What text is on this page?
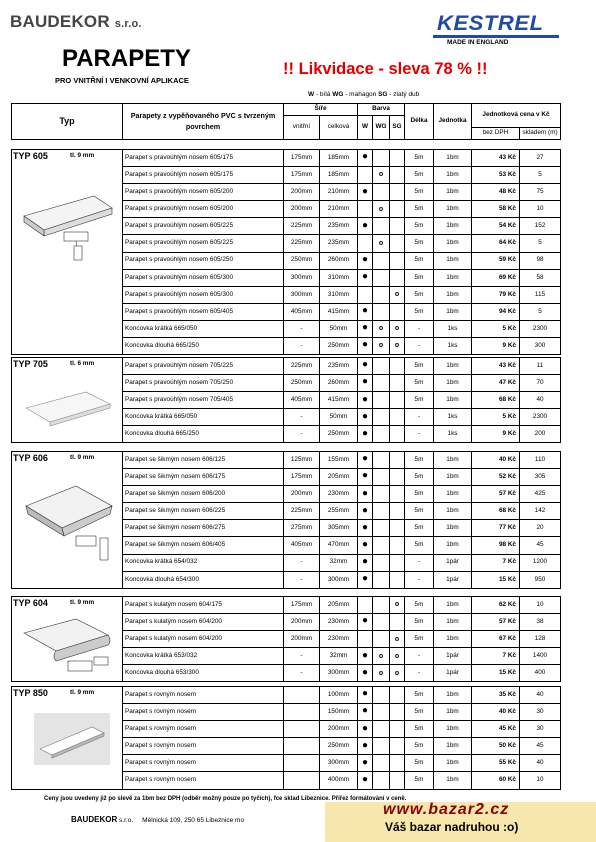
BAUDEKOR s.r.o.
PARAPETY
PRO VNITŘNÍ I VENKOVNÍ APLIKACE
!! Likvidace - sleva 78 % !!
KESTREL
MADE IN ENGLAND
W - bílá WG - mahagon SG - zlatý dub
Typ	Parapety z vypěňovaného PVC s tvrzeným povrchem	Šíře		Barva			Délka	Jednotka	Jednotková cena v Kč	
		vnitřní	celková	W	WG	SG				
									bez DPH	skladem (m)
TYP 605 tl. 9 mm	Parapet s pravoúhlým nosem 605/175	175mm	185mm	●			5m	1bm	43 Kč	27
	Parapet s pravoúhlým nosem 605/175	175mm	185mm		o		5m	1bm	53 Kč	5
	Parapet s pravoúhlým nosem 605/200	200mm	210mm	●			5m	1bm	48 Kč	75
	Parapet s pravoúhlým nosem 605/200	200mm	210mm		o		5m	1bm	58 Kč	10
	Parapet s pravoúhlým nosem 605/225	225mm	235mm	●			5m	1bm	54 Kč	152
	Parapet s pravoúhlým nosem 605/225	225mm	235mm		o		5m	1bm	64 Kč	5
	Parapet s pravoúhlým nosem 605/250	250mm	260mm	●			5m	1bm	59 Kč	98
	Parapet s pravoúhlým nosem 605/300	300mm	310mm	●			5m	1bm	69 Kč	58
	Parapet s pravoúhlým nosem 605/300	300mm	310mm			o	5m	1bm	79 Kč	115
	Parapet s pravoúhlým nosem 605/405	405mm	415mm	●			5m	1bm	94 Kč	5
	Koncovka krátká 665/050	-	50mm	●	o	o	-	1ks	5 Kč	2300
	Koncovka dlouhá 665/250	-	250mm	●	o	o	-	1ks	9 Kč	300
TYP 705 tl. 6 mm	Parapet s pravoúhlým nosem 705/225	225mm	235mm	●			5m	1bm	43 Kč	11
	Parapet s pravoúhlým nosem 705/250	250mm	260mm	●			5m	1bm	47 Kč	70
	Parapet s pravoúhlým nosem 705/405	405mm	415mm	●			5m	1bm	68 Kč	40
	Koncovka krátká 665/050	-	50mm	●			-	1ks	5 Kč	2300
	Koncovka dlouhá 665/250	-	250mm	●			-	1ks	9 Kč	200
TYP 606 tl. 9 mm	Parapet se šikmým nosem 606/125	125mm	155mm	●			5m	1bm	40 Kč	110
	Parapet se šikmým nosem 606/175	175mm	205mm	●			5m	1bm	52 Kč	305
	Parapet se šikmým nosem 606/200	200mm	230mm	●			5m	1bm	57 Kč	425
	Parapet se šikmým nosem 606/225	225mm	255mm	●			5m	1bm	68 Kč	142
	Parapet se šikmým nosem 606/275	275mm	305mm	●			5m	1bm	77 Kč	20
	Parapet se šikmým nosem 606/405	405mm	470mm	●			5m	1bm	98 Kč	45
	Koncovka krátká 654/032	-	32mm	●			-	1pár	7 Kč	1200
	Koncovka dlouhá 654/300	-	300mm	●			-	1pár	15 Kč	950
TYP 604 tl. 9 mm	Parapet s kulatým nosem 604/175	175mm	205mm			o	5m	1bm	62 Kč	10
	Parapet s kulatým nosem 604/200	200mm	230mm	●			5m	1bm	57 Kč	38
	Parapet s kulatým nosem 604/200	200mm	230mm			o	5m	1bm	67 Kč	128
	Koncovka krátká 653/032	-	32mm	●	o	o	-	1pár	7 Kč	1400
	Koncovka dlouhá 653/300	-	300mm	●	o	o	-	1pár	15 Kč	400
TYP 850 tl. 9 mm	Parapet s rovným nosem		100mm	●			5m	1bm	35 Kč	40
	Parapet s rovným nosem		150mm	●			5m	1bm	40 Kč	30
	Parapet s rovným nosem		200mm	●			5m	1bm	45 Kč	30
	Parapet s rovným nosem		250mm	●			5m	1bm	50 Kč	45
	Parapet s rovným nosem		300mm	●			5m	1bm	55 Kč	40
	Parapet s rovným nosem		400mm	●			5m	1bm	60 Kč	10
Ceny jsou uvedeny již po slevě za 1bm bez DPH (odběr možný pouze po tyčích), fce sklad Libeznice. Přířez formátování v ceně.
BAUDEKOR s.r.o. Mělnická 109, 250 65 Libeznice mo
www.bazar2.cz
Váš bazar nadruhou :o)
